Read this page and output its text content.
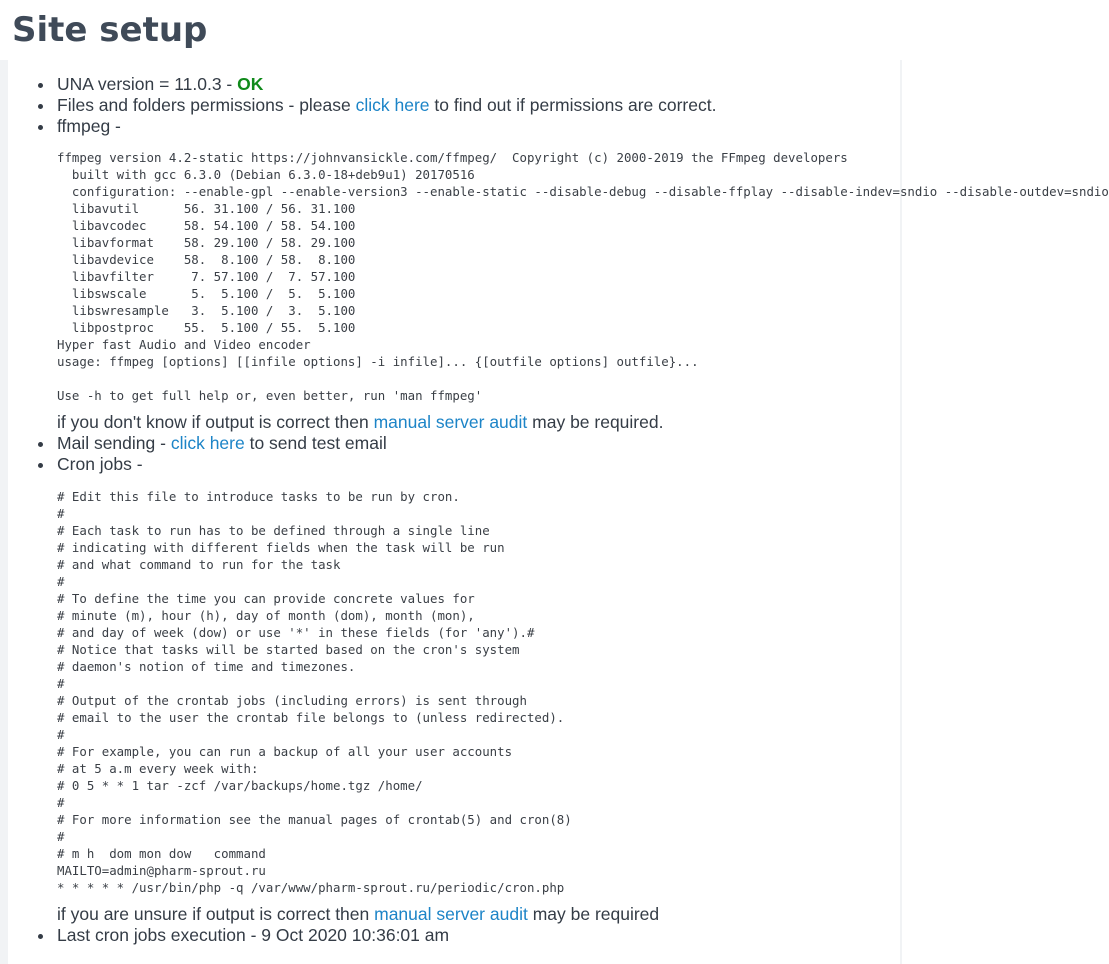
Site setup
UNA version = 11.0.3 - OK
Files and folders permissions - please click here to find out if permissions are correct.
ffmpeg -
ffmpeg version 4.2-static https://johnvansickle.com/ffmpeg/  Copyright (c) 2000-2019 the FFmpeg developers
built with gcc 6.3.0 (Debian 6.3.0-18+deb9u1) 20170516
configuration: --enable-gpl --enable-version3 --enable-static --disable-debug --disable-ffplay --disable-indev=sndio --disable-outdev=sndio
libavutil      56. 31.100 / 56. 31.100
libavcodec     58. 54.100 / 58. 54.100
libavformat    58. 29.100 / 58. 29.100
libavdevice    58.  8.100 / 58.  8.100
libavfilter     7. 57.100 /  7. 57.100
libswscale      5.  5.100 /  5.  5.100
libswresample   3.  5.100 /  3.  5.100
libpostproc    55.  5.100 / 55.  5.100
Hyper fast Audio and Video encoder
usage: ffmpeg [options] [[infile options] -i infile]... {[outfile options] outfile}...

Use -h to get full help or, even better, run 'man ffmpeg'
if you don't know if output is correct then manual server audit may be required.
Mail sending - click here to send test email
Cron jobs -
# Edit this file to introduce tasks to be run by cron.
#
# Each task to run has to be defined through a single line
# indicating with different fields when the task will be run
# and what command to run for the task
#
# To define the time you can provide concrete values for
# minute (m), hour (h), day of month (dom), month (mon),
# and day of week (dow) or use '*' in these fields (for 'any').#
# Notice that tasks will be started based on the cron's system
# daemon's notion of time and timezones.
#
# Output of the crontab jobs (including errors) is sent through
# email to the user the crontab file belongs to (unless redirected).
#
# For example, you can run a backup of all your user accounts
# at 5 a.m every week with:
# 0 5 * * 1 tar -zcf /var/backups/home.tgz /home/
#
# For more information see the manual pages of crontab(5) and cron(8)
#
# m h  dom mon dow   command
MAILTO=admin@pharm-sprout.ru
* * * * * /usr/bin/php -q /var/www/pharm-sprout.ru/periodic/cron.php
if you are unsure if output is correct then manual server audit may be required
Last cron jobs execution - 9 Oct 2020 10:36:01 am
